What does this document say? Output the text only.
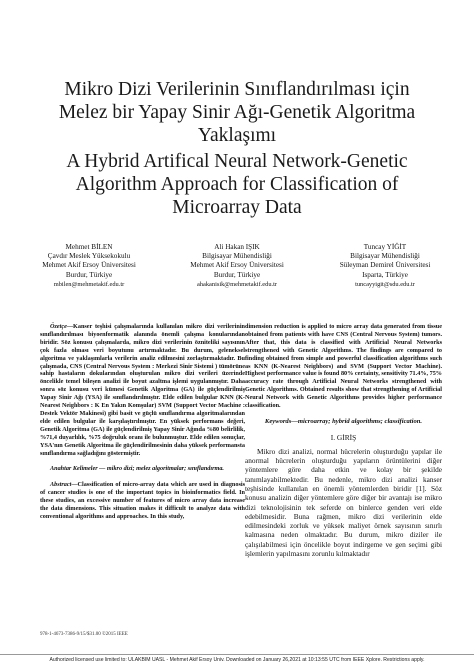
Mikro Dizi Verilerinin Sınıflandırılması için
Melez bir Yapay Sinir Ağı-Genetik Algoritma
Yaklaşımı
A Hybrid Artifical Neural Network-Genetic
Algorithm Approach for Classification of
Microarray Data
Mehmet BİLEN
Çavdır Meslek Yüksekokulu
Mehmet Akif Ersoy Üniversitesi
Burdur, Türkiye
mbilen@mehmetakif.edu.tr
Ali Hakan IŞIK
Bilgisayar Mühendisliği
Mehmet Akif Ersoy Üniversitesi
Burdur, Türkiye
ahakanisik@mehmetakif.edu.tr
Tuncay YİĞİT
Bilgisayar Mühendisliği
Süleyman Demirel Üniversitesi
Isparta, Türkiye
tuncayyigit@sdu.edu.tr

Özetçe—Kanser teşhisi çalışmalarında kullanılan mikro dizi verilerinin sınıflandırılması biyoenformatik alanında önemli çalışma konularından biridir. Söz konusu çalışmalarda, mikro dizi verilerinin özniteliki sayısının çok fazla olması veri boyutunu artırmaktadır. Bu durum, geleneksel algoritma ve yaklaşımlarla verilerin analiz edilmesini zorlaştırmaktadır. Bu çalışmada, CNS (Central Nervous System : Merkezi Sinir Sistemi ) tümörüne sahip hastaların dokularından oluşturulan mikro dizi verileri üzerinde öncelikle temel bileşen analizi ile boyut azaltma işlemi uygulanmıştır. Daha sonra söz konusu veri kümesi Genetik Algoritma (GA) ile güçlendirilmiş Yapay Sinir Ağı (YSA) ile sınıflandırılmıştır. Elde edilen bulgular KNN (K-Nearest Neighbors : K En Yakın Komşular) SVM (Support Vector Machine : Destek Vektör Makinesi) gibi basit ve güçlü sınıflandırma algoritmalarından elde edilen bulgular ile karşılaştırılmıştır. En yüksek performans değeri, Genetik Algoritma (GA) ile güçlendirilmiş Yapay Sinir Ağında %80 belirlilik, %71,4 duyarlılık, %75 doğruluk oranı ile bulunmuştur. Elde edilen sonuçlar, YSA'nın Genetik Algoritma ile güçlendirilmesinin daha yüksek performansta sınıflandırma sağladığını göstermiştir.

Anahtar Kelimeler — mikro dizi; melez algoritmalar; sınıflandırma.

Abstract—Classification of micro-array data which are used in diagnosis of cancer studies is one of the important topics in bioinformatics field. In these studies, an excessive number of features of micro array data increase the data dimensions. This situation makes it difficult to analyze data with conventional algorithms and approaches. In this study,

dimension reduction is applied to micro array data generated from tissue obtained from patients with have CNS (Central Nervous System) tumors. After that, this data is classified with Artificial Neural Networks strengthened with Genetic Algorithms. The findings are compared to finding obtained from simple and powerful classification algorithms such as KNN (K-Nearest Neighbors) and SVM (Support Vector Machine). Highest performance value is found 80% certainty, sensitivity 71.4%, 75% accuracy rate through Artificial Neural Networks strengthened with Genetic Algorithms. Obtained results show that strengthening of Artificial Neural Network with Genetic Algorithms provides higher performance classification.

Keywords—microarray; hybrid algorithms; classification.

I. GİRİŞ

Mikro dizi analizi, normal hücrelerin oluşturduğu yapılar ile anormal hücrelerin oluşturduğu yapıların örüntülerini diğer yöntemlere göre daha etkin ve kolay bir şekilde tanımlayabilmektedir. Bu nedenle, mikro dizi analizi kanser teşhisinde kullanılan en önemli yöntemlerden biridir [1]. Söz konusu analizin diğer yöntemlere göre diğer bir avantajı ise mikro dizi teknolojisinin tek seferde on binlerce genden veri elde edebilmesidir. Buna rağmen, mikro dizi verilerinin elde edilmesindeki zorluk ve yüksek maliyet örnek sayısının sınırlı kalmasına neden olmaktadır. Bu durum, mikro diziler ile çalışılabilmesi için öncelikle boyut indirgeme ve gen seçimi gibi işlemlerin yapılmasını zorunlu kılmaktadır

978-1-4673-7386-9/15/$31.00 ©2015 IEEE
Authorized licensed use limited to: ULAKBIM UASL - Mehmet Akif Ersoy Univ. Downloaded on January 26,2021 at 10:13:55 UTC from IEEE Xplore. Restrictions apply.
